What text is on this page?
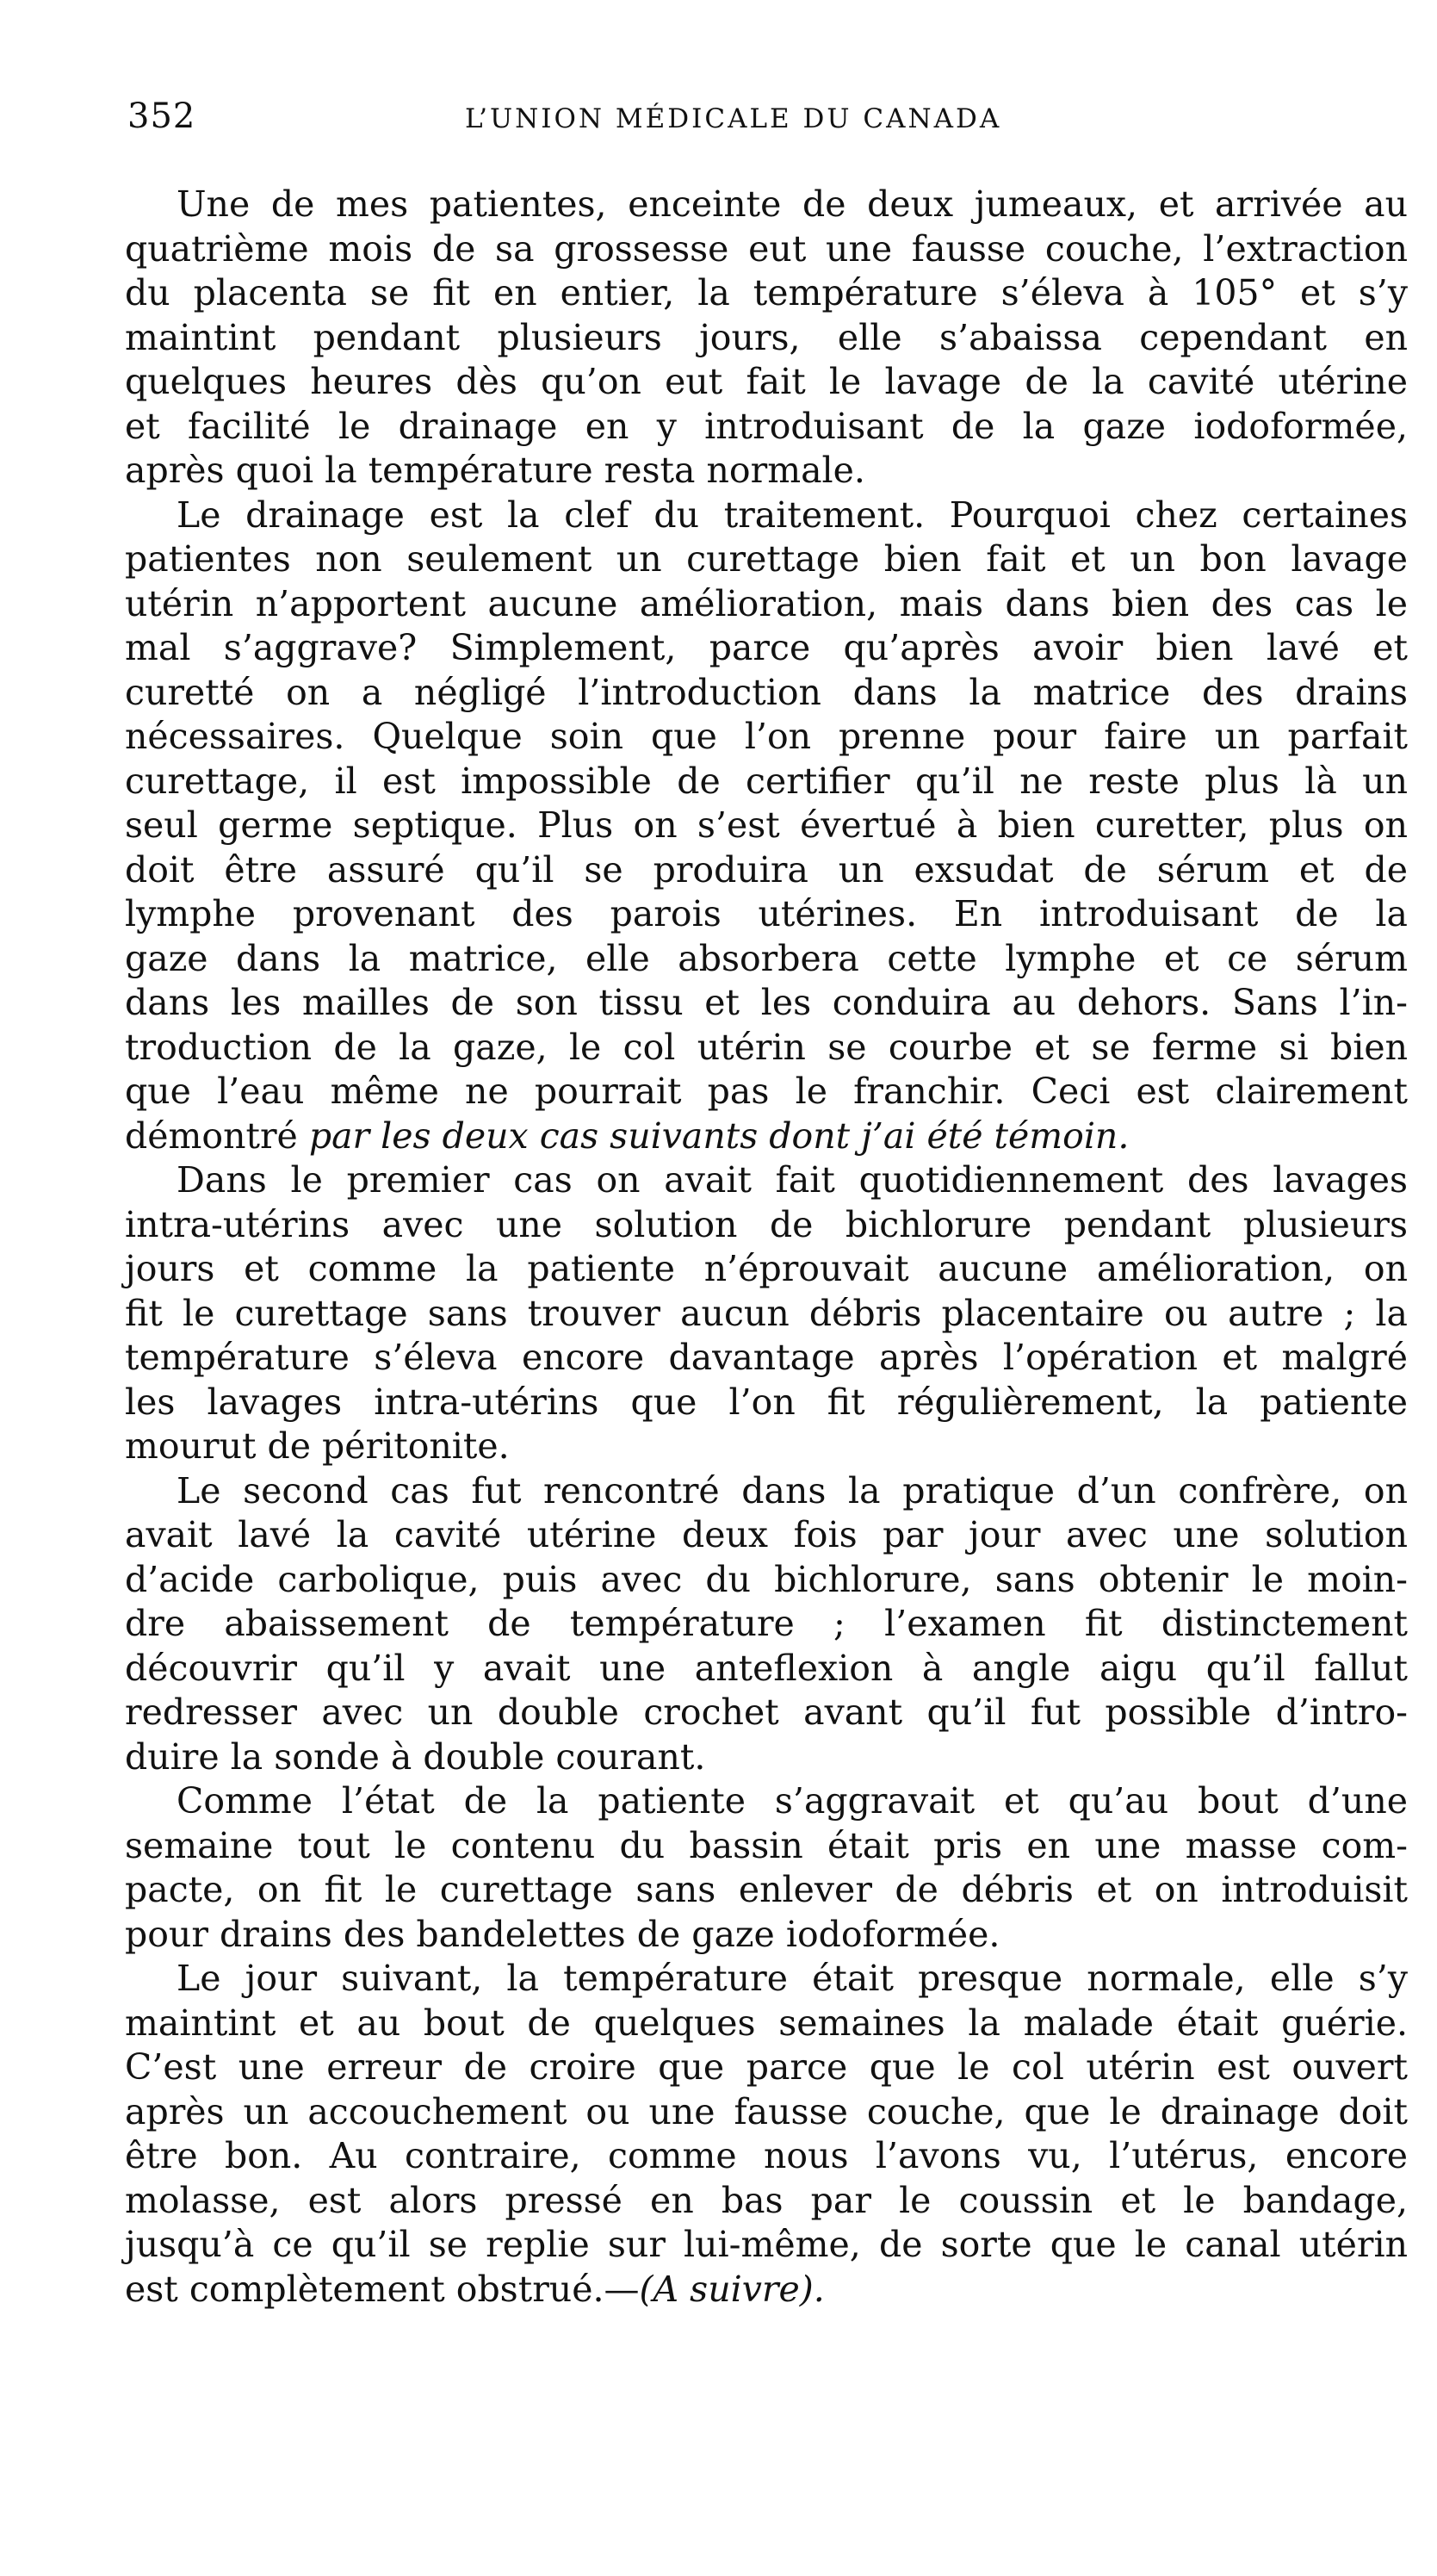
352	L’UNION MÉDICALE DU CANADA

Une de mes patientes, enceinte de deux jumeaux, et arrivée au
quatrième mois de sa grossesse eut une fausse couche, l’extraction
du placenta se fit en entier, la température s’éleva à 105° et s’y
maintint pendant plusieurs jours, elle s’abaissa cependant en
quelques heures dès qu’on eut fait le lavage de la cavité utérine
et facilité le drainage en y introduisant de la gaze iodoformée,
après quoi la température resta normale.

Le drainage est la clef du traitement. Pourquoi chez certaines
patientes non seulement un curettage bien fait et un bon lavage
utérin n’apportent aucune amélioration, mais dans bien des cas le
mal s’aggrave? Simplement, parce qu’après avoir bien lavé et
curetté on a négligé l’introduction dans la matrice des drains
nécessaires. Quelque soin que l’on prenne pour faire un parfait
curettage, il est impossible de certifier qu’il ne reste plus là un
seul germe septique. Plus on s’est évertué à bien curetter, plus on
doit être assuré qu’il se produira un exsudat de sérum et de
lymphe provenant des parois utérines. En introduisant de la
gaze dans la matrice, elle absorbera cette lymphe et ce sérum
dans les mailles de son tissu et les conduira au dehors. Sans l’in-
troduction de la gaze, le col utérin se courbe et se ferme si bien
que l’eau même ne pourrait pas le franchir. Ceci est clairement
démontré par les deux cas suivants dont j’ai été témoin.

Dans le premier cas on avait fait quotidiennement des lavages
intra-utérins avec une solution de bichlorure pendant plusieurs
jours et comme la patiente n’éprouvait aucune amélioration, on
fit le curettage sans trouver aucun débris placentaire ou autre ; la
température s’éleva encore davantage après l’opération et malgré
les lavages intra-utérins que l’on fit régulièrement, la patiente
mourut de péritonite.

Le second cas fut rencontré dans la pratique d’un confrère, on
avait lavé la cavité utérine deux fois par jour avec une solution
d’acide carbolique, puis avec du bichlorure, sans obtenir le moin-
dre abaissement de température ; l’examen fit distinctement
découvrir qu’il y avait une anteflexion à angle aigu qu’il fallut
redresser avec un double crochet avant qu’il fut possible d’intro-
duire la sonde à double courant.

Comme l’état de la patiente s’aggravait et qu’au bout d’une
semaine tout le contenu du bassin était pris en une masse com-
pacte, on fit le curettage sans enlever de débris et on introduisit
pour drains des bandelettes de gaze iodoformée.

Le jour suivant, la température était presque normale, elle s’y
maintint et au bout de quelques semaines la malade était guérie.
C’est une erreur de croire que parce que le col utérin est ouvert
après un accouchement ou une fausse couche, que le drainage doit
être bon. Au contraire, comme nous l’avons vu, l’utérus, encore
molasse, est alors pressé en bas par le coussin et le bandage,
jusqu’à ce qu’il se replie sur lui-même, de sorte que le canal utérin
est complètement obstrué.—(A suivre).
